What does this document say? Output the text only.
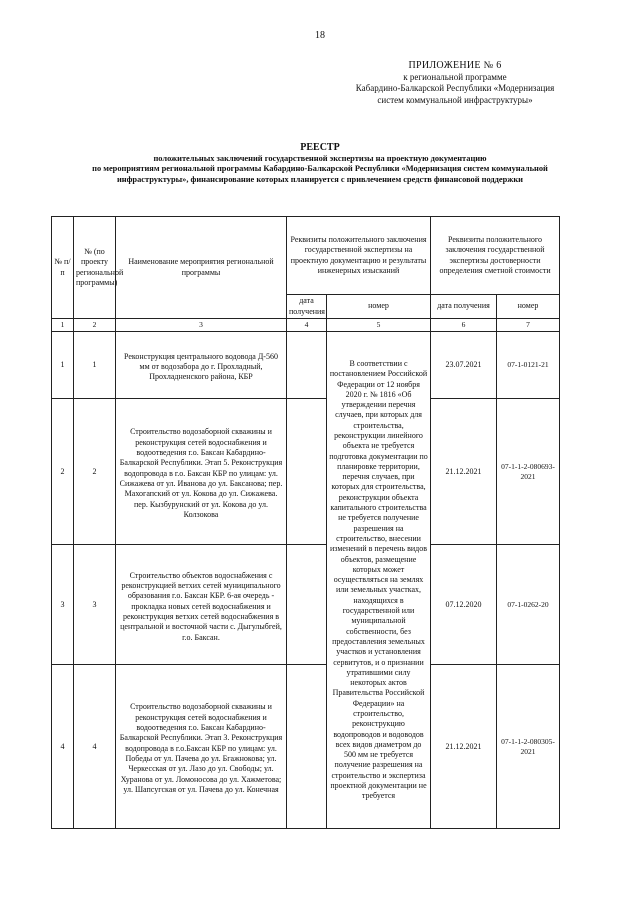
18
ПРИЛОЖЕНИЕ № 6
к региональной программе
Кабардино-Балкарской Республики «Модернизация
систем коммунальной инфраструктуры»
РЕЕСТР
положительных заключений государственной экспертизы на проектную документацию
по мероприятиям региональной программы Кабардино-Балкарской Республики «Модернизация систем коммунальной
инфраструктуры», финансирование которых планируется с привлечением средств финансовой поддержки
№ п/п	№ (по проекту региональной программы)	Наименование мероприятия региональной программы	Реквизиты положительного заключения государственной экспертизы на проектную документацию и результаты инженерных изысканий		Реквизиты положительного заключения государственной экспертизы достоверности определения сметной стоимости	
			дата получения	номер	дата получения	номер
1	2	3	4	5	6	7
1	1	Реконструкция центрального водовода Д-560 мм от водозабора до г. Прохладный, Прохладненского района, КБР		В соответствии с постановлением Российской Федерации от 12 ноября 2020 г. № 1816 «Об утверждении перечня случаев, при которых для строительства, реконструкции линейного объекта не требуется подготовка документации по планировке территории, перечня случаев, при которых для строительства, реконструкции объекта капитального строительства не требуется получение разрешения на строительство, внесении изменений в перечень видов объектов, размещение которых может осуществляться на землях или земельных участках, находящихся в государственной или муниципальной собственности, без предоставления земельных участков и установления сервитутов, и о признании утратившими силу некоторых актов Правительства Российской Федерации» на строительство, реконструкцию водопроводов и водоводов всех видов диаметром до 500 мм не требуется получение разрешения на строительство и экспертиза проектной документации не требуется	23.07.2021	07-1-0121-21
2	2	Строительство водозаборной скважины и реконструкция сетей водоснабжения и водоотведения г.о. Баксан Кабардино-Балкарской Республики. Этап 5. Реконструкция водопровода в г.о. Баксан КБР по улицам: ул. Сижажева от ул. Иванова до ул. Баксанова; пер. Махогапский от ул. Кокова до ул. Сижажева. пер. Кызбурунский от ул. Кокова до ул. Колзокова			21.12.2021	07-1-1-2-080693-2021
3	3	Строительство объектов водоснабжения с реконструкцией ветхих сетей муниципального образования г.о. Баксан КБР. 6-ая очередь - прокладка новых сетей водоснабжения и реконструкция ветхих сетей водоснабжения в центральной и восточной части с. Дыгулыбгей, г.о. Баксан.			07.12.2020	07-1-0262-20
4	4	Строительство водозаборной скважины и реконструкция сетей водоснабжения и водоотведения г.о. Баксан Кабардино-Балкарской Республики. Этап 3. Реконструкция водопровода в г.о.Баксан КБР по улицам: ул. Победы от ул. Пачева до ул. Бгажнокова; ул. Черкесская от ул. Лазо до ул. Свободы; ул. Хуранова от ул. Ломоносова до ул. Хажметова; ул. Шапсугская от ул. Пачева до ул. Конечная			21.12.2021	07-1-1-2-080305-2021
